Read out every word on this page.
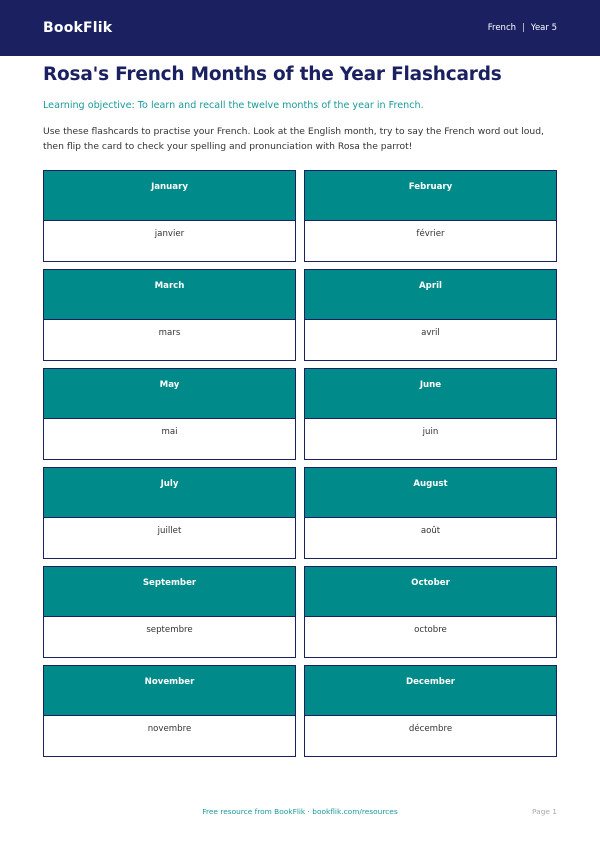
BookFlik	French | Year 5
Rosa's French Months of the Year Flashcards

Learning objective: To learn and recall the twelve months of the year in French.

Use these flashcards to practise your French. Look at the English month, try to say the French word out loud, then flip the card to check your spelling and pronunciation with Rosa the parrot!

January
janvier
February
février
March
mars
April
avril
May
mai
June
juin
July
juillet
August
août
September
septembre
October
octobre
November
novembre
December
décembre
Free resource from BookFlik · bookflik.com/resources	Page 1
